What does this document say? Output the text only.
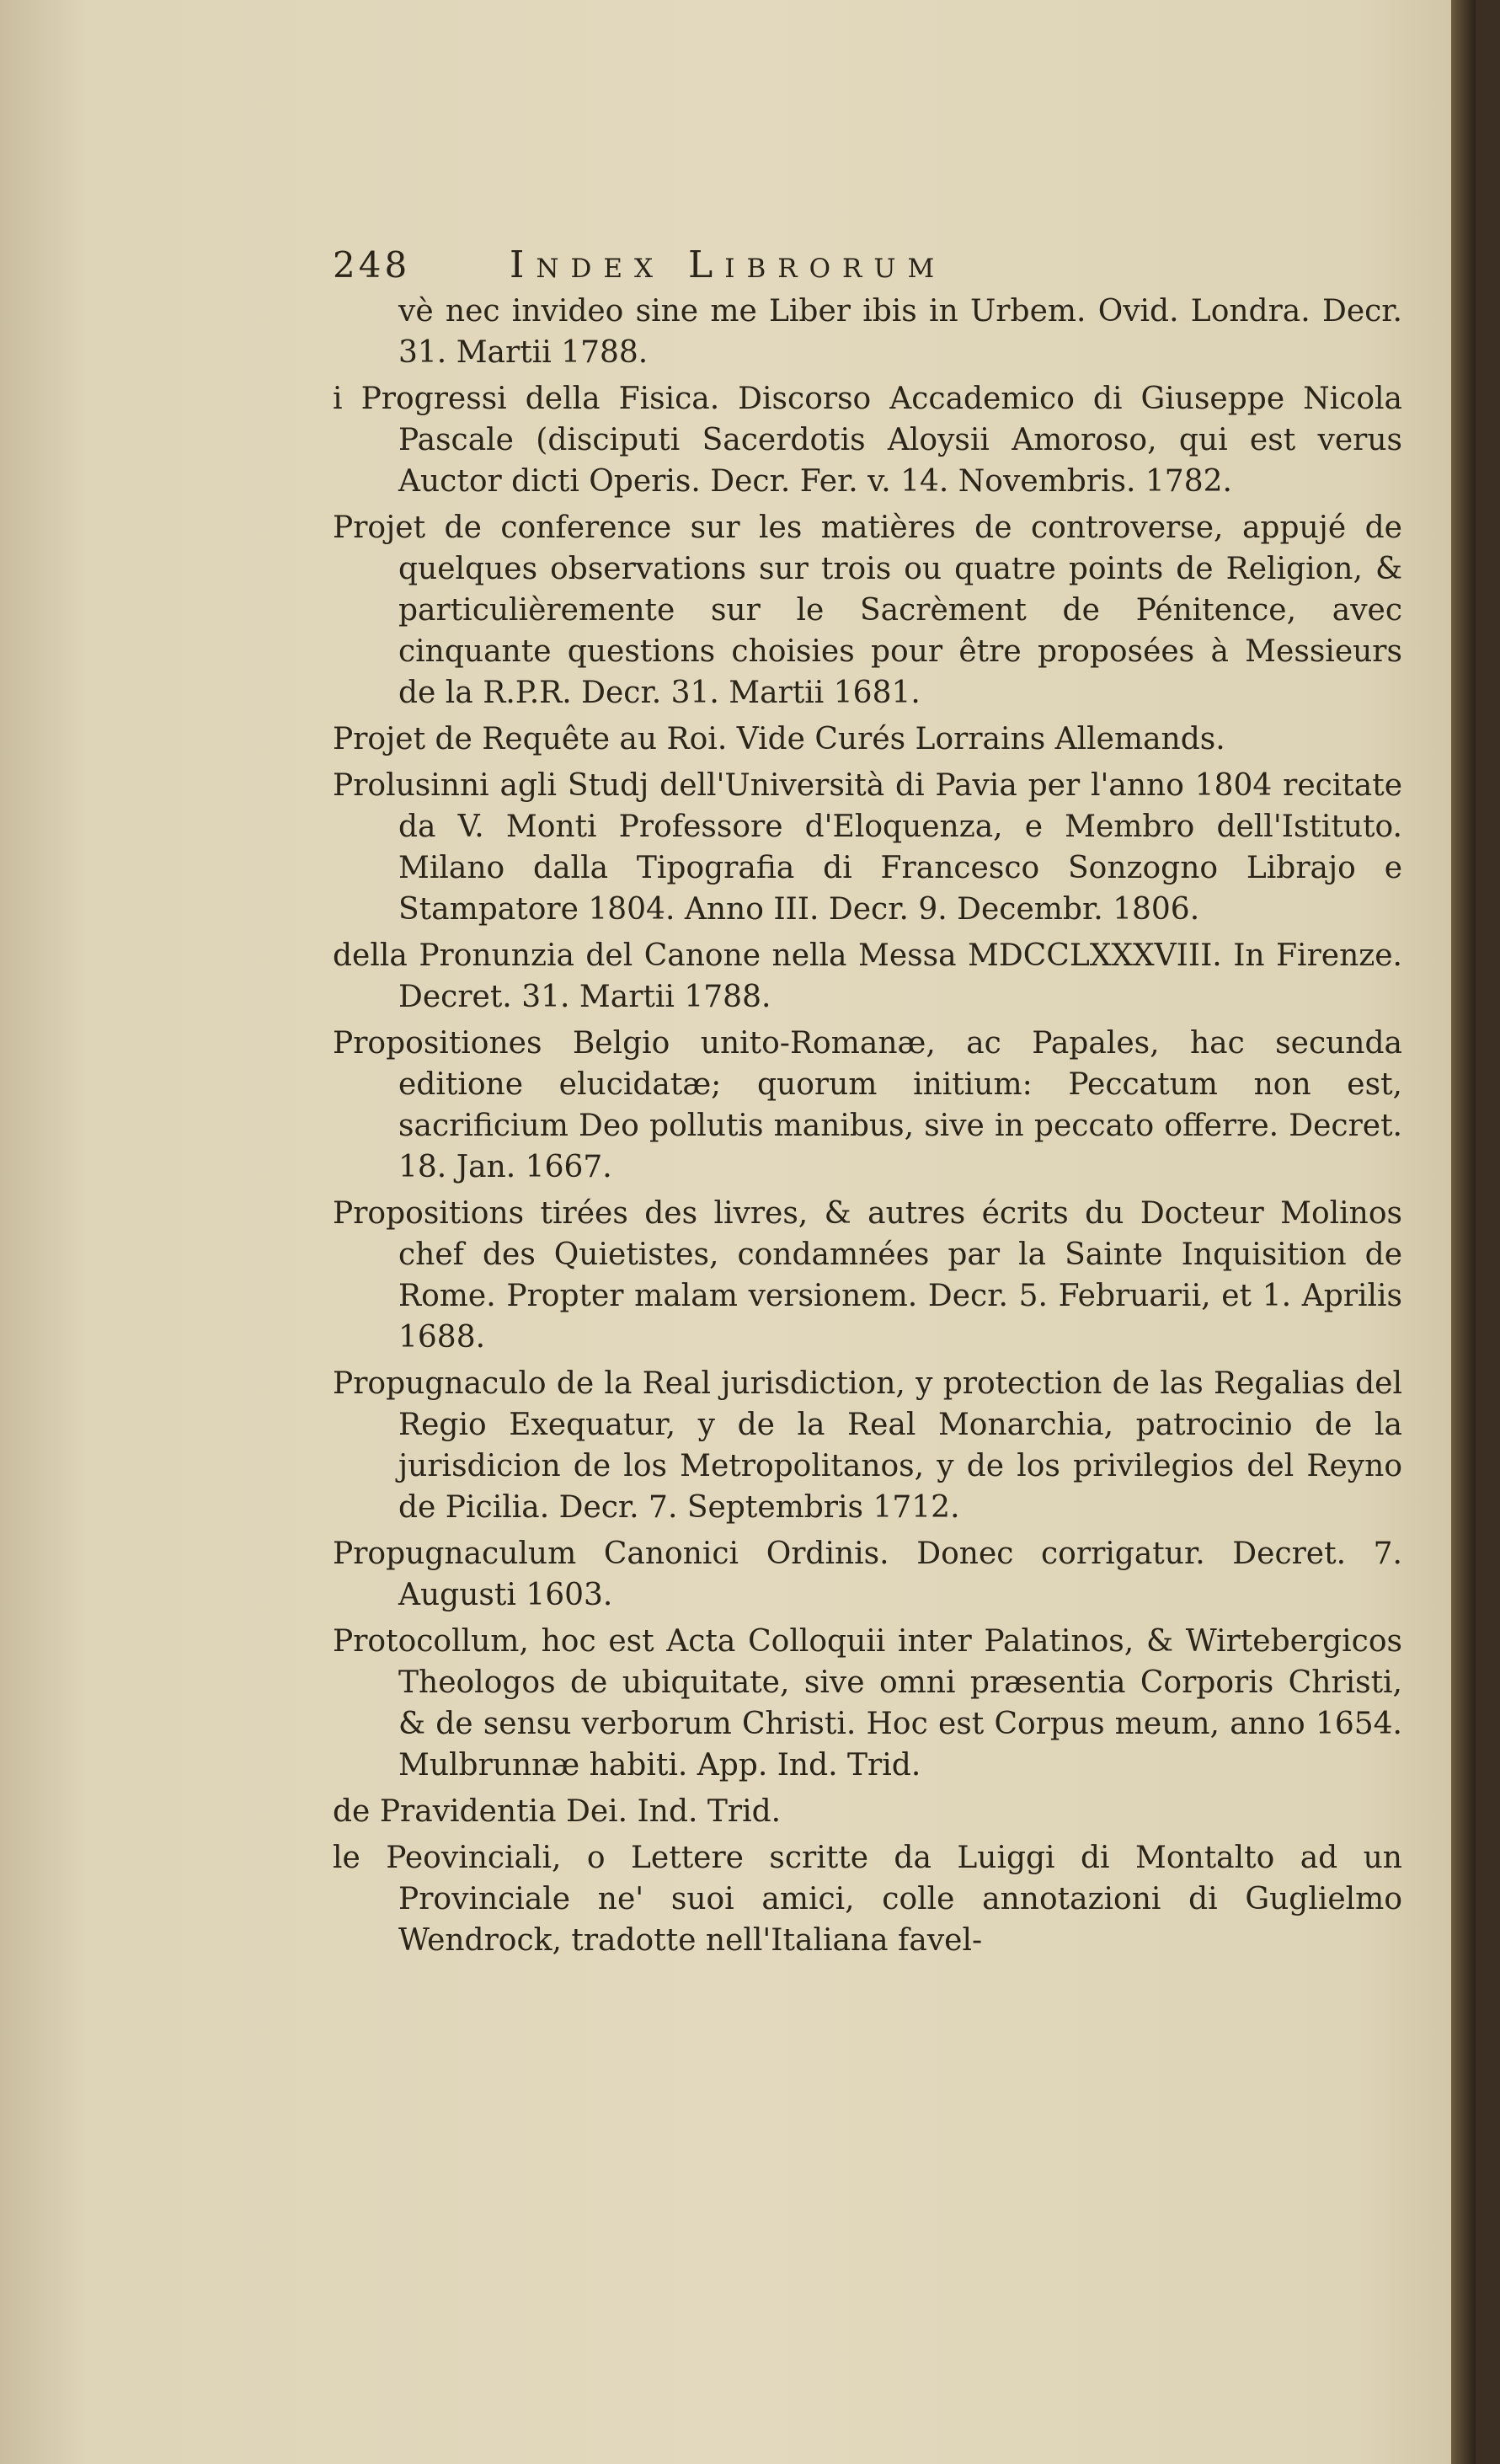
248	Index Librorum
vè nec invideo sine me Liber ibis in Urbem. Ovid. Londra. Decr. 31. Martii 1788.
i Progressi della Fisica. Discorso Accademico di Giuseppe Nicola Pascale (disciputi Sacerdotis Aloysii Amoroso, qui est verus Auctor dicti Operis. Decr. Fer. v. 14. Novembris. 1782.
Projet de conference sur les matières de controverse, appujé de quelques observations sur trois ou quatre points de Religion, & particulièremente sur le Sacrèment de Pénitence, avec cinquante questions choisies pour être proposées à Messieurs de la R.P.R. Decr. 31. Martii 1681.
Projet de Requête au Roi. Vide Curés Lorrains Allemands.
Prolusinni agli Studj dell'Università di Pavia per l'anno 1804 recitate da V. Monti Professore d'Eloquenza, e Membro dell'Istituto. Milano dalla Tipografia di Francesco Sonzogno Librajo e Stampatore 1804. Anno III. Decr. 9. Decembr. 1806.
della Pronunzia del Canone nella Messa MDCCLXXXVIII. In Firenze. Decret. 31. Martii 1788.
Propositiones Belgio unito-Romanæ, ac Papales, hac secunda editione elucidatæ; quorum initium: Peccatum non est, sacrificium Deo pollutis manibus, sive in peccato offerre. Decret. 18. Jan. 1667.
Propositions tirées des livres, & autres écrits du Docteur Molinos chef des Quietistes, condamnées par la Sainte Inquisition de Rome. Propter malam versionem. Decr. 5. Februarii, et 1. Aprilis 1688.
Propugnaculo de la Real jurisdiction, y protection de las Regalias del Regio Exequatur, y de la Real Monarchia, patrocinio de la jurisdicion de los Metropolitanos, y de los privilegios del Reyno de Picilia. Decr. 7. Septembris 1712.
Propugnaculum Canonici Ordinis. Donec corrigatur. Decret. 7. Augusti 1603.
Protocollum, hoc est Acta Colloquii inter Palatinos, & Wirtebergicos Theologos de ubiquitate, sive omni præsentia Corporis Christi, & de sensu verborum Christi. Hoc est Corpus meum, anno 1654. Mulbrunnæ habiti. App. Ind. Trid.
de Pravidentia Dei. Ind. Trid.
le Peovinciali, o Lettere scritte da Luiggi di Montalto ad un Provinciale ne' suoi amici, colle annotazioni di Guglielmo Wendrock, tradotte nell'Italiana favel-
